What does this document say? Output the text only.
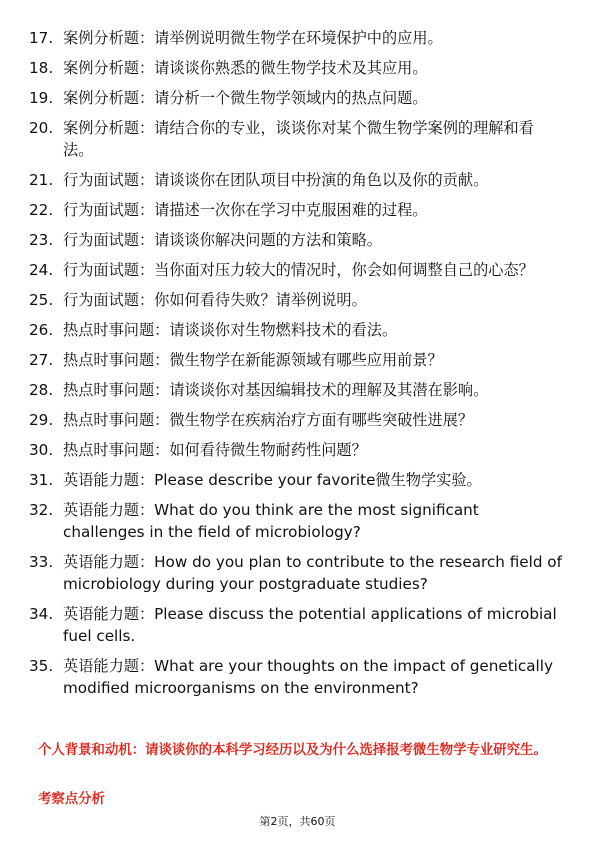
17. 案例分析题：请举例说明微生物学在环境保护中的应用。
18. 案例分析题：请谈谈你熟悉的微生物学技术及其应用。
19. 案例分析题：请分析一个微生物学领域内的热点问题。
20. 案例分析题：请结合你的专业，谈谈你对某个微生物学案例的理解和看法。
21. 行为面试题：请谈谈你在团队项目中扮演的角色以及你的贡献。
22. 行为面试题：请描述一次你在学习中克服困难的过程。
23. 行为面试题：请谈谈你解决问题的方法和策略。
24. 行为面试题：当你面对压力较大的情况时，你会如何调整自己的心态？
25. 行为面试题：你如何看待失败？请举例说明。
26. 热点时事问题：请谈谈你对生物燃料技术的看法。
27. 热点时事问题：微生物学在新能源领域有哪些应用前景？
28. 热点时事问题：请谈谈你对基因编辑技术的理解及其潜在影响。
29. 热点时事问题：微生物学在疾病治疗方面有哪些突破性进展？
30. 热点时事问题：如何看待微生物耐药性问题？
31. 英语能力题：Please describe your favorite微生物学实验。
32. 英语能力题：What do you think are the most significant challenges in the field of microbiology?
33. 英语能力题：How do you plan to contribute to the research field of microbiology during your postgraduate studies?
34. 英语能力题：Please discuss the potential applications of microbial fuel cells.
35. 英语能力题：What are your thoughts on the impact of genetically modified microorganisms on the environment?
个人背景和动机：请谈谈你的本科学习经历以及为什么选择报考微生物学专业研究生。
考察点分析
第2页，共60页
